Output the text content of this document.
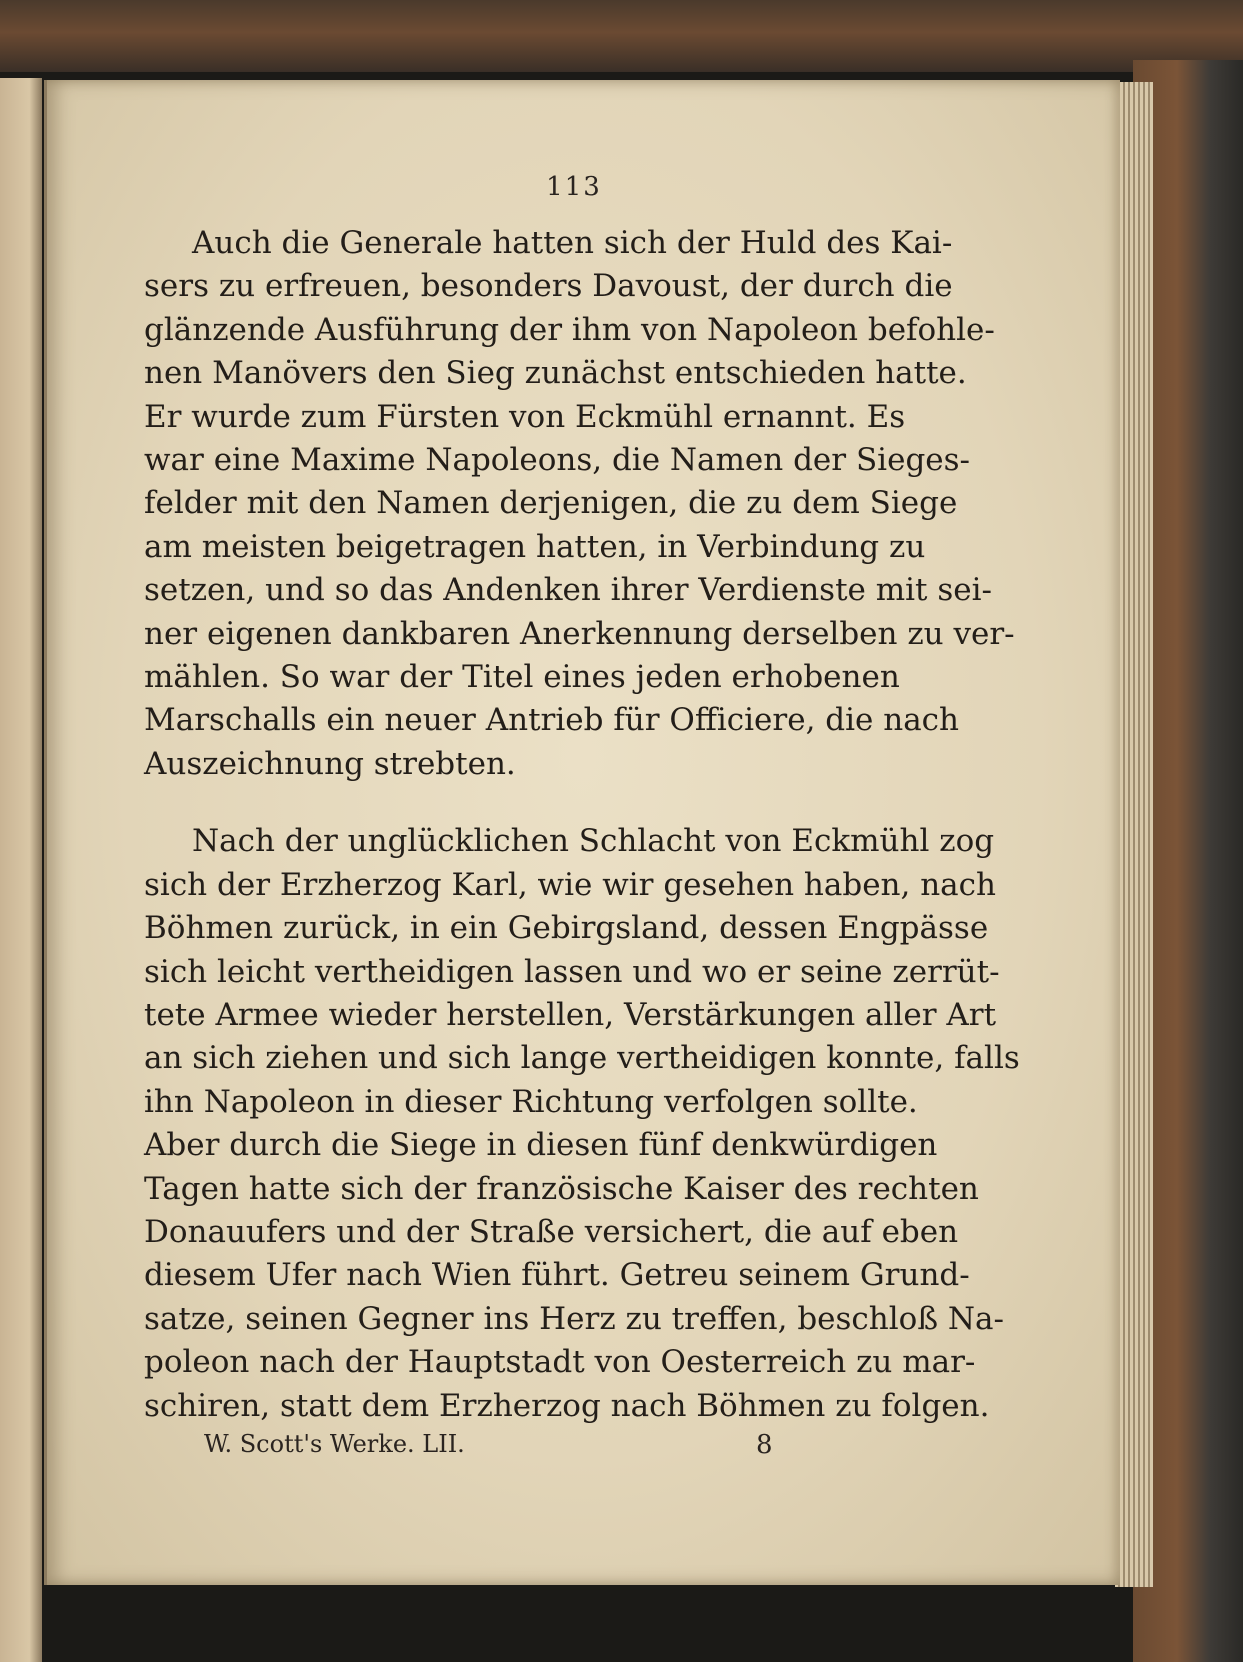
113

Auch die Generale hatten sich der Huld des Kai-
sers zu erfreuen, besonders Davoust, der durch die
glänzende Ausführung der ihm von Napoleon befohle-
nen Manövers den Sieg zunächst entschieden hatte.
Er wurde zum Fürsten von Eckmühl ernannt. Es
war eine Maxime Napoleons, die Namen der Sieges-
felder mit den Namen derjenigen, die zu dem Siege
am meisten beigetragen hatten, in Verbindung zu
setzen, und so das Andenken ihrer Verdienste mit sei-
ner eigenen dankbaren Anerkennung derselben zu ver-
mählen. So war der Titel eines jeden erhobenen
Marschalls ein neuer Antrieb für Officiere, die nach
Auszeichnung strebten.

Nach der unglücklichen Schlacht von Eckmühl zog
sich der Erzherzog Karl, wie wir gesehen haben, nach
Böhmen zurück, in ein Gebirgsland, dessen Engpässe
sich leicht vertheidigen lassen und wo er seine zerrüt-
tete Armee wieder herstellen, Verstärkungen aller Art
an sich ziehen und sich lange vertheidigen konnte, falls
ihn Napoleon in dieser Richtung verfolgen sollte.
Aber durch die Siege in diesen fünf denkwürdigen
Tagen hatte sich der französische Kaiser des rechten
Donauufers und der Straße versichert, die auf eben
diesem Ufer nach Wien führt. Getreu seinem Grund-
satze, seinen Gegner ins Herz zu treffen, beschloß Na-
poleon nach der Hauptstadt von Oesterreich zu mar-
schiren, statt dem Erzherzog nach Böhmen zu folgen.

W. Scott's Werke. LII.	8
